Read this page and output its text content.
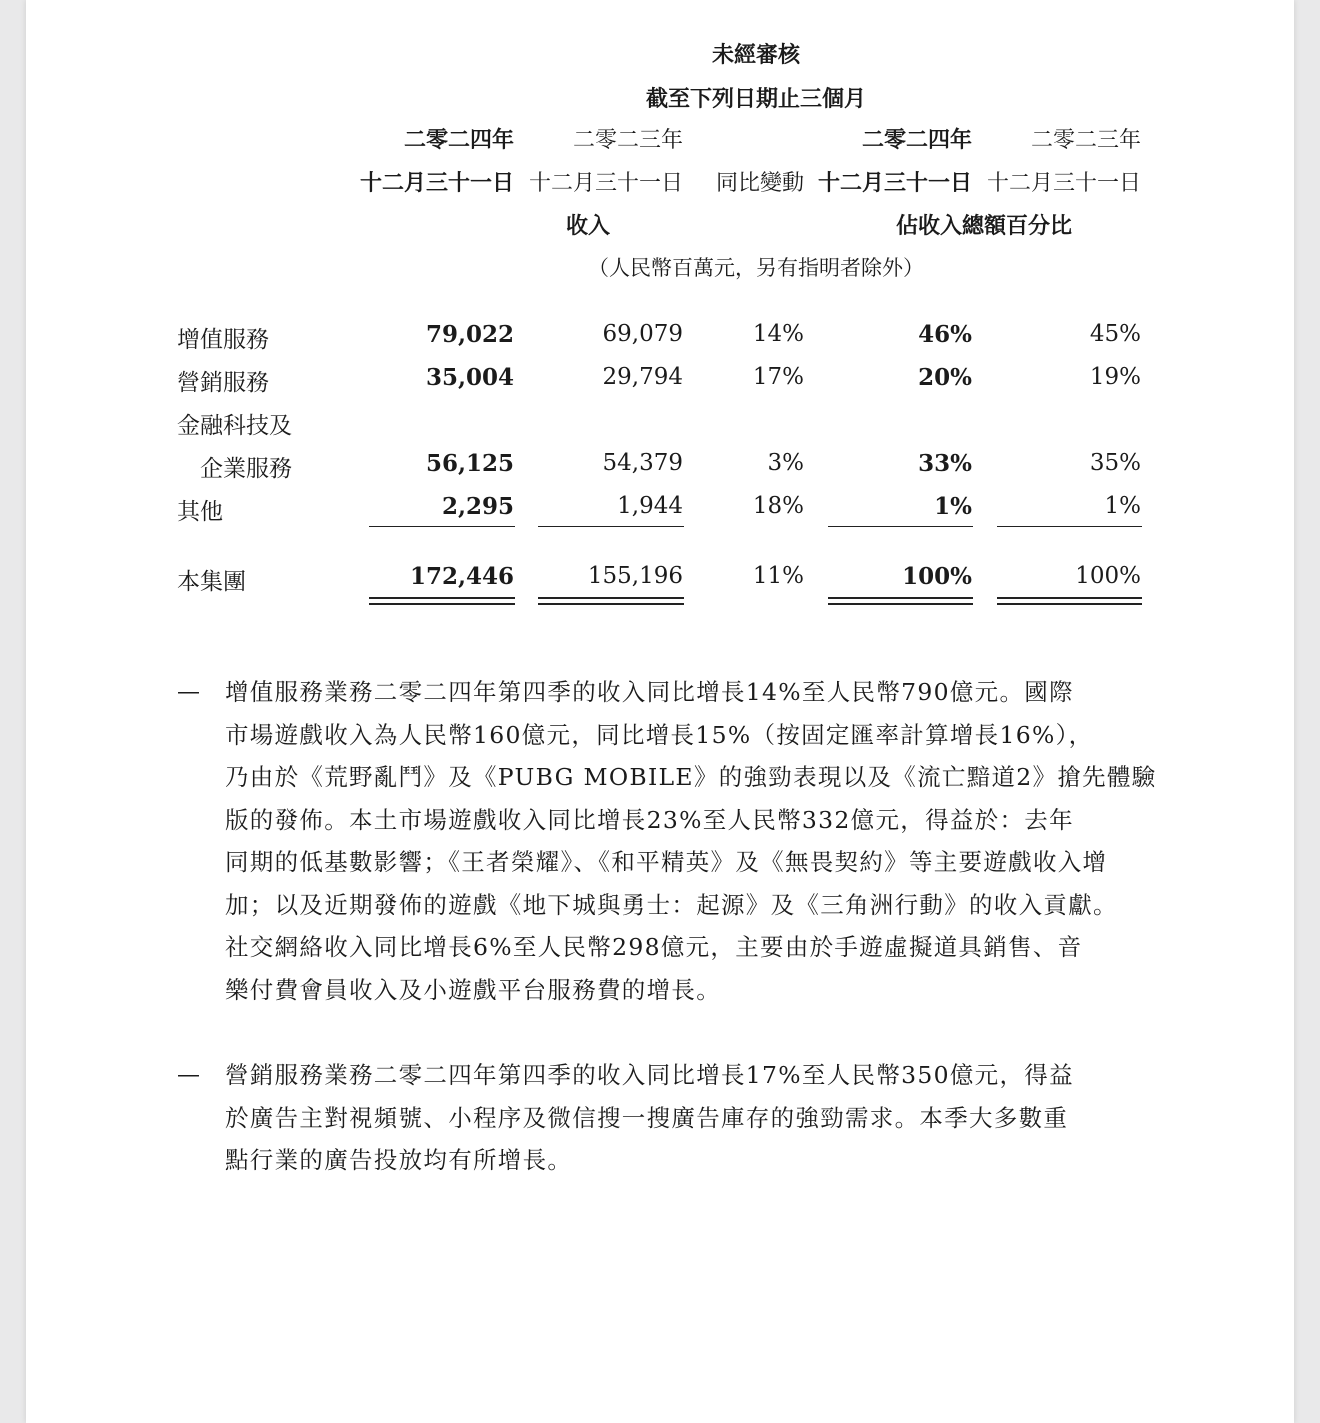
未經審核
截至下列日期止三個月
二零二四年	二零二三年	二零二四年	二零二三年
十二月三十一日 十二月三十一日 同比變動 十二月三十一日 十二月三十一日
收入	佔收入總額百分比
（人民幣百萬元，另有指明者除外）
增值服務	79,022	69,079	14%	46%	45%
營銷服務	35,004	29,794	17%	20%	19%
金融科技及
企業服務	56,125	54,379	3%	33%	35%
其他	2,295	1,944	18%	1%	1%
本集團	172,446	155,196	11%	100%	100%
— 增值服務業務二零二四年第四季的收入同比增長14%至人民幣790億元。國際
市場遊戲收入為人民幣160億元，同比增長15%（按固定匯率計算增長16%），
乃由於《荒野亂鬥》及《PUBG MOBILE》的強勁表現以及《流亡黯道2》搶先體驗
版的發佈。本土市場遊戲收入同比增長23%至人民幣332億元，得益於：去年
同期的低基數影響；《王者榮耀》、《和平精英》及《無畏契約》等主要遊戲收入增
加；以及近期發佈的遊戲《地下城與勇士：起源》及《三角洲行動》的收入貢獻。
社交網絡收入同比增長6%至人民幣298億元，主要由於手遊虛擬道具銷售、音
樂付費會員收入及小遊戲平台服務費的增長。
— 營銷服務業務二零二四年第四季的收入同比增長17%至人民幣350億元，得益
於廣告主對視頻號、小程序及微信搜一搜廣告庫存的強勁需求。本季大多數重
點行業的廣告投放均有所增長。
